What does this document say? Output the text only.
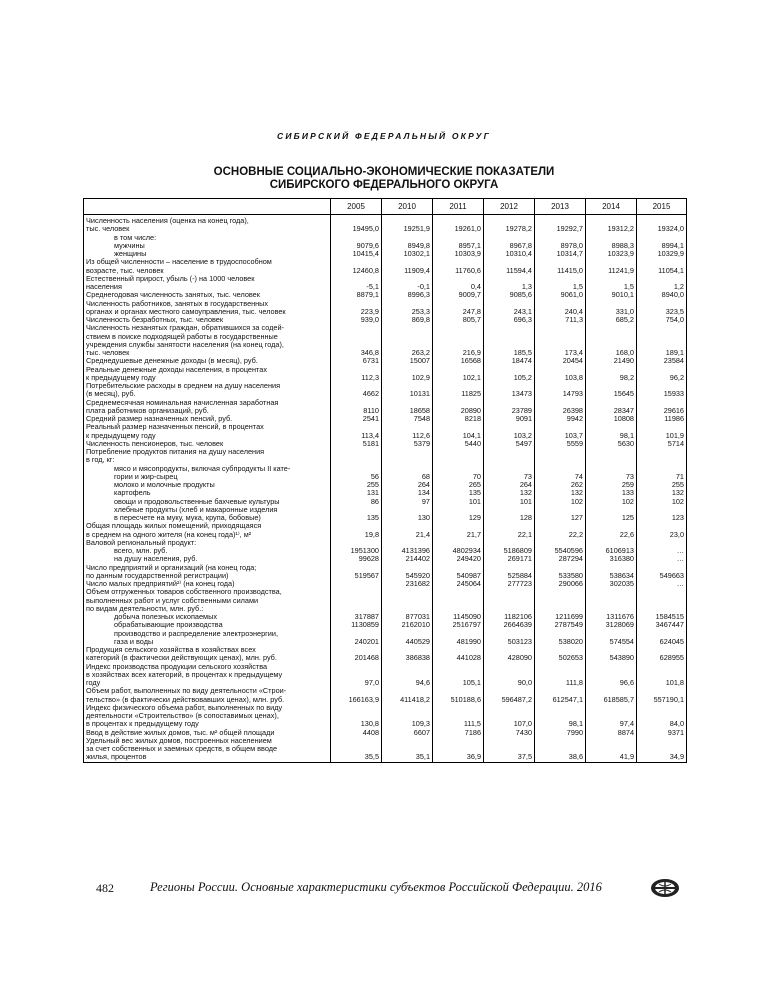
СИБИРСКИЙ ФЕДЕРАЛЬНЫЙ ОКРУГ
ОСНОВНЫЕ СОЦИАЛЬНО-ЭКОНОМИЧЕСКИЕ ПОКАЗАТЕЛИ
СИБИРСКОГО ФЕДЕРАЛЬНОГО ОКРУГА
	2005	2010	2011	2012	2013	2014	2015

Численность населения (оценка на конец года),
тыс. человек	19495,0	19251,9	19261,0	19278,2	19292,7	19312,2	19324,0

в том числе:							

мужчины	9079,6	8949,8	8957,1	8967,8	8978,0	8988,3	8994,1

женщины	10415,4	10302,1	10303,9	10310,4	10314,7	10323,9	10329,9

Из общей численности – население в трудоспособном
возрасте, тыс. человек	12460,8	11909,4	11760,6	11594,4	11415,0	11241,9	11054,1

Естественный прирост, убыль (-) на 1000 человек
населения	-5,1	-0,1	0,4	1,3	1,5	1,5	1,2

Среднегодовая численность занятых, тыс. человек	8879,1	8996,3	9009,7	9085,6	9061,0	9010,1	8940,0

Численность работников, занятых в государственных
органах и органах местного самоуправления, тыс. человек	223,9	253,3	247,8	243,1	240,4	331,0	323,5

Численность безработных, тыс. человек	939,0	869,8	805,7	696,3	711,3	685,2	754,0

Численность незанятых граждан, обратившихся за содей-
ствием в поиске подходящей работы в государственные
учреждения службы занятости населения (на конец года),
тыс. человек	346,8	263,2	216,9	185,5	173,4	168,0	189,1

Среднедушевые денежные доходы (в месяц), руб.	6731	15007	16568	18474	20454	21490	23584

Реальные денежные доходы населения, в процентах
к предыдущему году	112,3	102,9	102,1	105,2	103,8	98,2	96,2

Потребительские расходы в среднем на душу населения
(в месяц), руб.	4662	10131	11825	13473	14793	15645	15933

Среднемесячная номинальная начисленная заработная
плата работников организаций, руб.	8110	18658	20890	23789	26398	28347	29616

Средний размер назначенных пенсий, руб.	2541	7548	8218	9091	9942	10808	11986

Реальный размер назначенных пенсий, в процентах
к предыдущему году	113,4	112,6	104,1	103,2	103,7	98,1	101,9

Численность пенсионеров, тыс. человек	5181	5379	5440	5497	5559	5630	5714

Потребление продуктов питания на душу населения
в год, кг:							

мясо и мясопродукты, включая субпродукты II кате-
гории и жир-сырец	56	68	70	73	74	73	71

молоко и молочные продукты	255	264	265	264	262	259	255

картофель	131	134	135	132	132	133	132

овощи и продовольственные бахчевые культуры	86	97	101	101	102	102	102

хлебные продукты (хлеб и макаронные изделия
в пересчете на муку, мука, крупа, бобовые)	135	130	129	128	127	125	123

Общая площадь жилых помещений, приходящаяся
в среднем на одного жителя (на конец года)¹⁾, м²	19,8	21,4	21,7	22,1	22,2	22,6	23,0

Валовой региональный продукт:							

всего, млн. руб.	1951300	4131396	4802934	5186809	5540596	6106913	…

на душу населения, руб.	99628	214402	249420	269171	287294	316380	…

Число предприятий и организаций (на конец года;
по данным государственной регистрации)	519567	545920	540987	525884	533580	538634	549663

Число малых предприятий²⁾ (на конец года)		231682	245064	277723	290066	302035	…

Объем отгруженных товаров собственного производства,
выполненных работ и услуг собственными силами
по видам деятельности, млн. руб.:							

добыча полезных ископаемых	317887	877031	1145090	1182106	1211699	1311676	1584515

обрабатывающие производства	1130859	2162010	2516797	2664639	2787549	3128069	3467447

производство и распределение электроэнергии,
газа и воды	240201	440529	481990	503123	538020	574554	624045

Продукция сельского хозяйства в хозяйствах всех
категорий (в фактически действующих ценах), млн. руб.	201468	386838	441028	428090	502653	543890	628955

Индекс производства продукции сельского хозяйства
в хозяйствах всех категорий, в процентах к предыдущему
году	97,0	94,6	105,1	90,0	111,8	96,6	101,8

Объем работ, выполненных по виду деятельности «Строи-
тельство» (в фактически действовавших ценах), млн. руб.	166163,9	411418,2	510188,6	596487,2	612547,1	618585,7	557190,1

Индекс физического объема работ, выполненных по виду
деятельности «Строительство» (в сопоставимых ценах),
в процентах к предыдущему году	130,8	109,3	111,5	107,0	98,1	97,4	84,0

Ввод в действие жилых домов, тыс. м² общей площади	4408	6607	7186	7430	7990	8874	9371

Удельный вес жилых домов, построенных населением
за счет собственных и заемных средств, в общем вводе
жилья, процентов	35,5	35,1	36,9	37,5	38,6	41,9	34,9
482	Регионы России. Основные характеристики субъектов Российской Федерации. 2016
